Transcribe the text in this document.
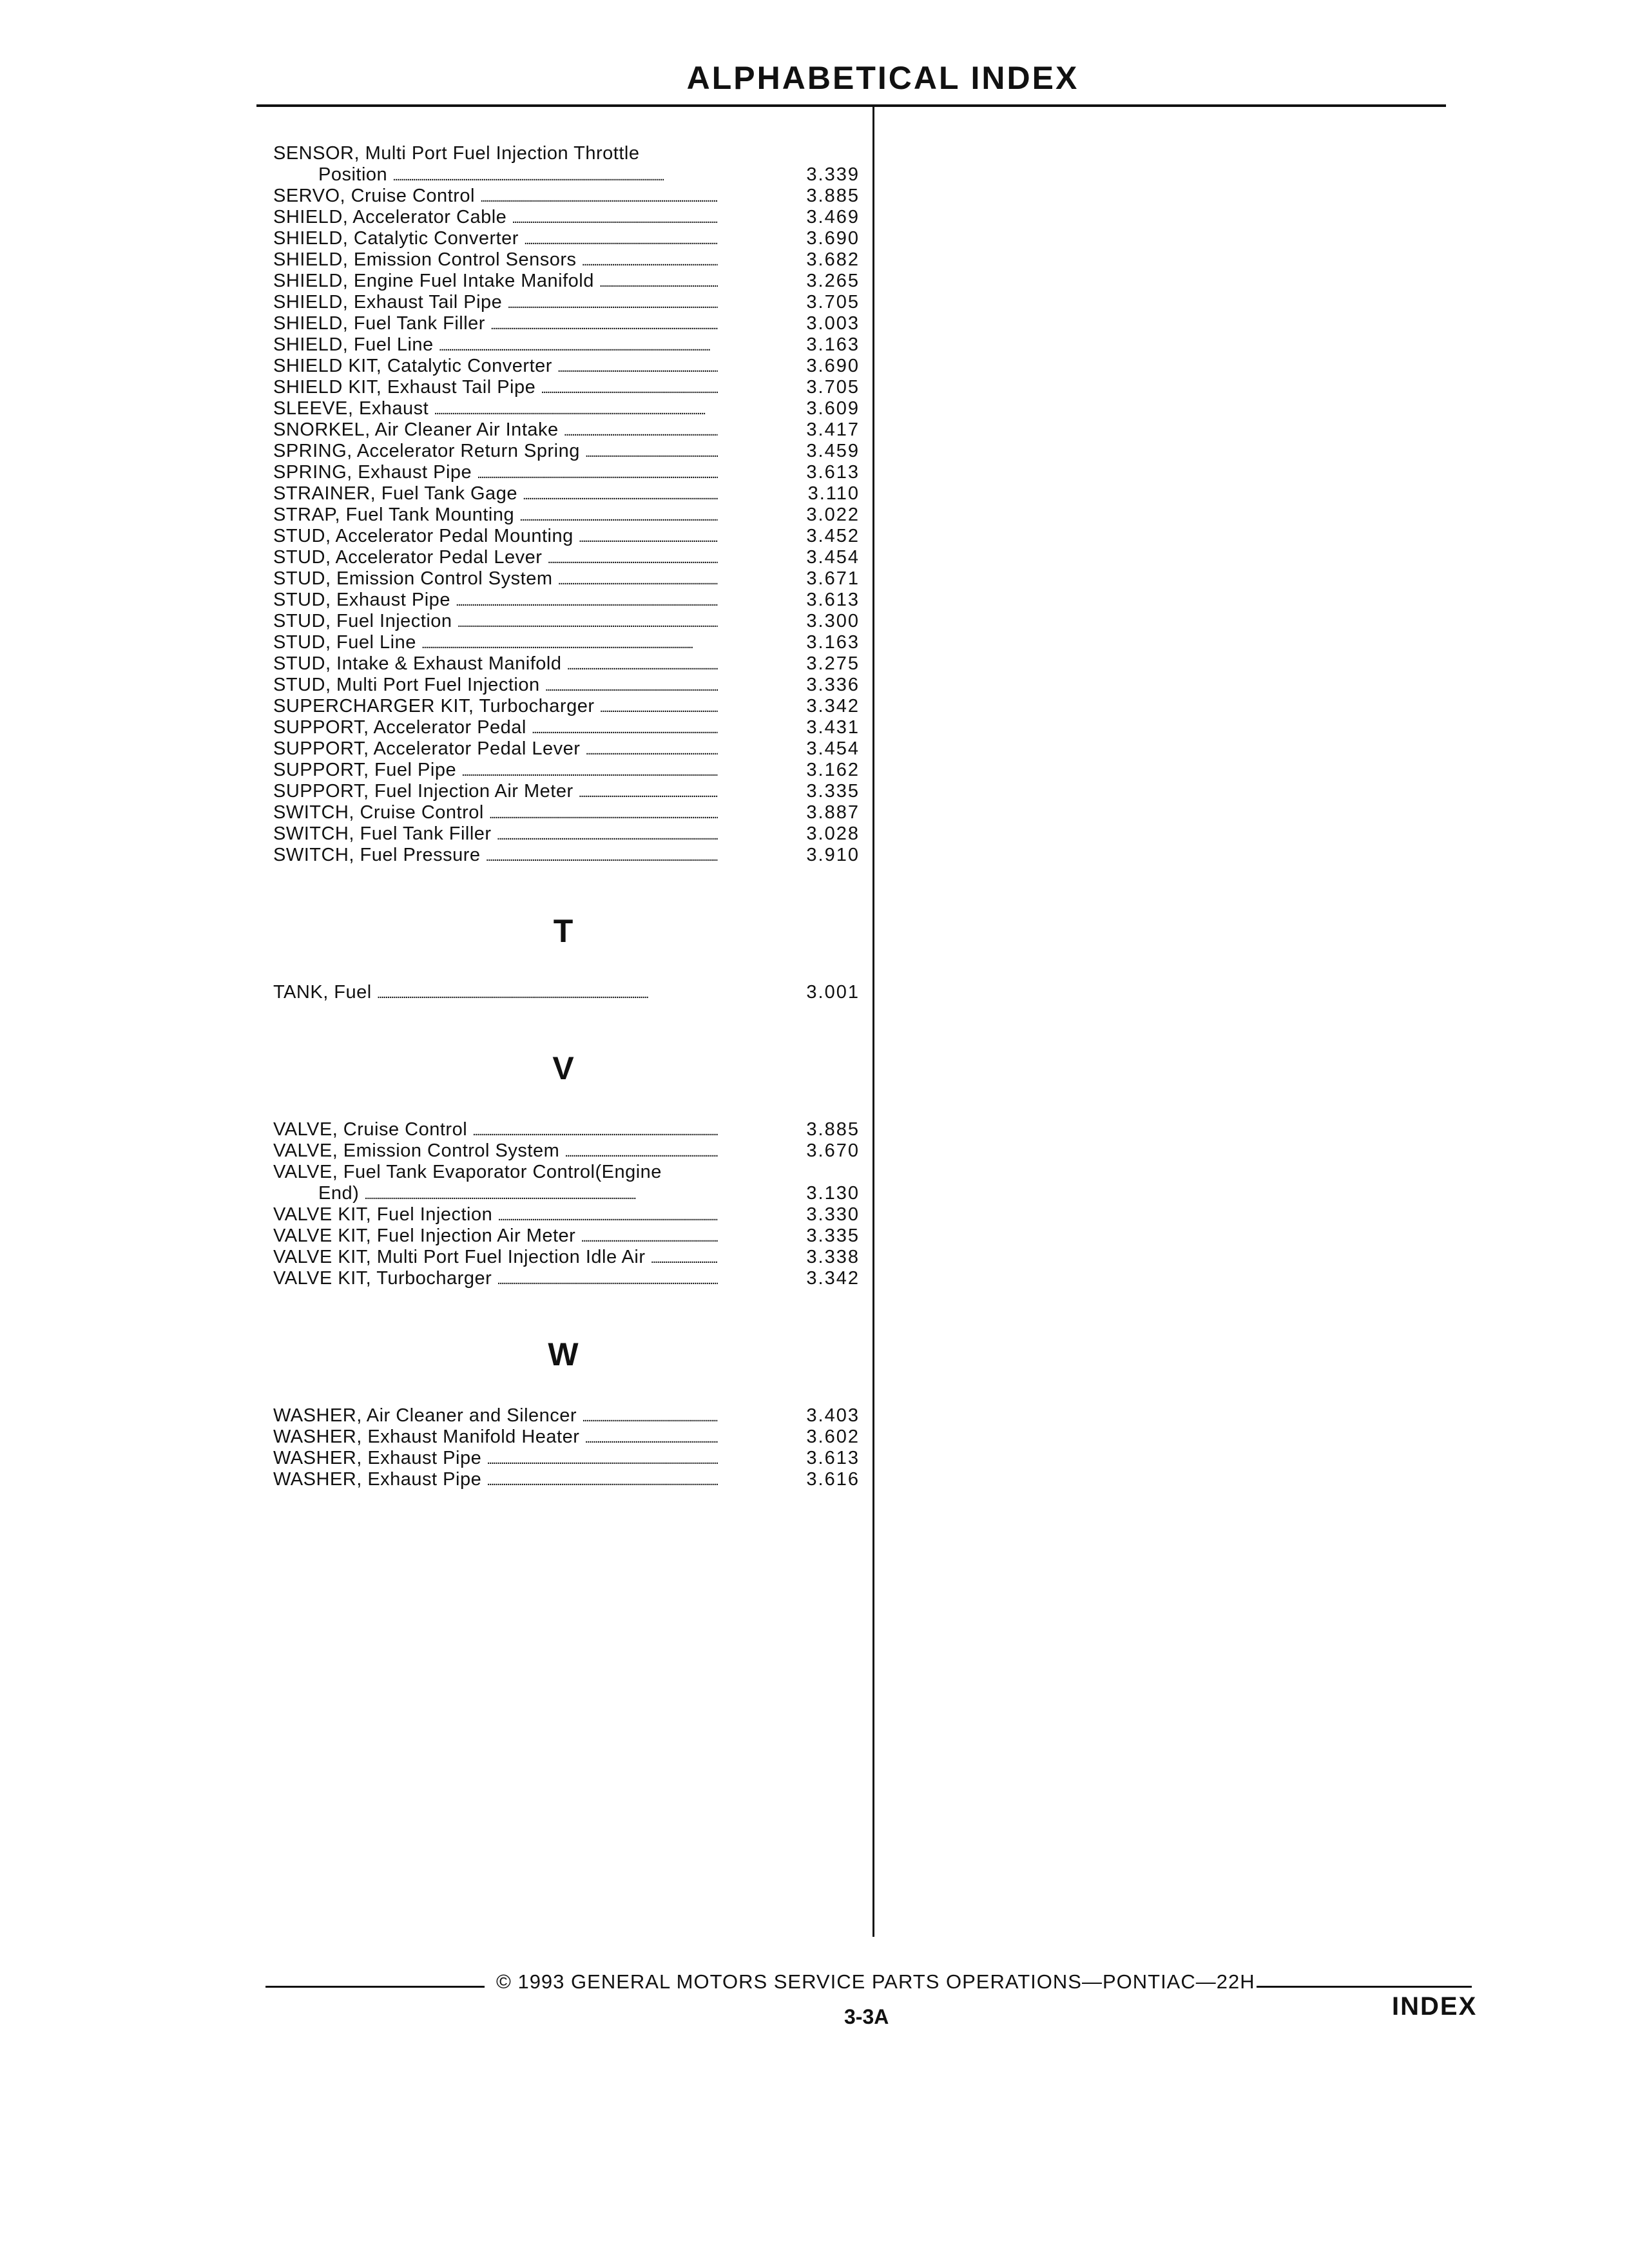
ALPHABETICAL INDEX
SENSOR, Multi Port Fuel Injection Throttle
Position . . .	3.339
SERVO, Cruise Control . . .	3.885
SHIELD, Accelerator Cable . . .	3.469
SHIELD, Catalytic Converter . . .	3.690
SHIELD, Emission Control Sensors . . .	3.682
SHIELD, Engine Fuel Intake Manifold . . .	3.265
SHIELD, Exhaust Tail Pipe . . .	3.705
SHIELD, Fuel Tank Filler . . .	3.003
SHIELD, Fuel Line . . .	3.163
SHIELD KIT, Catalytic Converter . . .	3.690
SHIELD KIT, Exhaust Tail Pipe . . .	3.705
SLEEVE, Exhaust . . .	3.609
SNORKEL, Air Cleaner Air Intake . . .	3.417
SPRING, Accelerator Return Spring . . .	3.459
SPRING, Exhaust Pipe . . .	3.613
STRAINER, Fuel Tank Gage . . .	3.110
STRAP, Fuel Tank Mounting . . .	3.022
STUD, Accelerator Pedal Mounting . . .	3.452
STUD, Accelerator Pedal Lever . . .	3.454
STUD, Emission Control System . . .	3.671
STUD, Exhaust Pipe . . .	3.613
STUD, Fuel Injection . . .	3.300
STUD, Fuel Line . . .	3.163
STUD, Intake & Exhaust Manifold . . .	3.275
STUD, Multi Port Fuel Injection . . .	3.336
SUPERCHARGER KIT, Turbocharger . . .	3.342
SUPPORT, Accelerator Pedal . . .	3.431
SUPPORT, Accelerator Pedal Lever . . .	3.454
SUPPORT, Fuel Pipe . . .	3.162
SUPPORT, Fuel Injection Air Meter . . .	3.335
SWITCH, Cruise Control . . .	3.887
SWITCH, Fuel Tank Filler . . .	3.028
SWITCH, Fuel Pressure . . .	3.910
T
TANK, Fuel . . .	3.001
V
VALVE, Cruise Control . . .	3.885
VALVE, Emission Control System . . .	3.670
VALVE, Fuel Tank Evaporator Control(Engine
End) . . .	3.130
VALVE KIT, Fuel Injection . . .	3.330
VALVE KIT, Fuel Injection Air Meter . . .	3.335
VALVE KIT, Multi Port Fuel Injection Idle Air . . .	3.338
VALVE KIT, Turbocharger . . .	3.342
W
WASHER, Air Cleaner and Silencer . . .	3.403
WASHER, Exhaust Manifold Heater . . .	3.602
WASHER, Exhaust Pipe . . .	3.613
WASHER, Exhaust Pipe . . .	3.616
© 1993 GENERAL MOTORS SERVICE PARTS OPERATIONS—PONTIAC—22H
3-3A	INDEX
